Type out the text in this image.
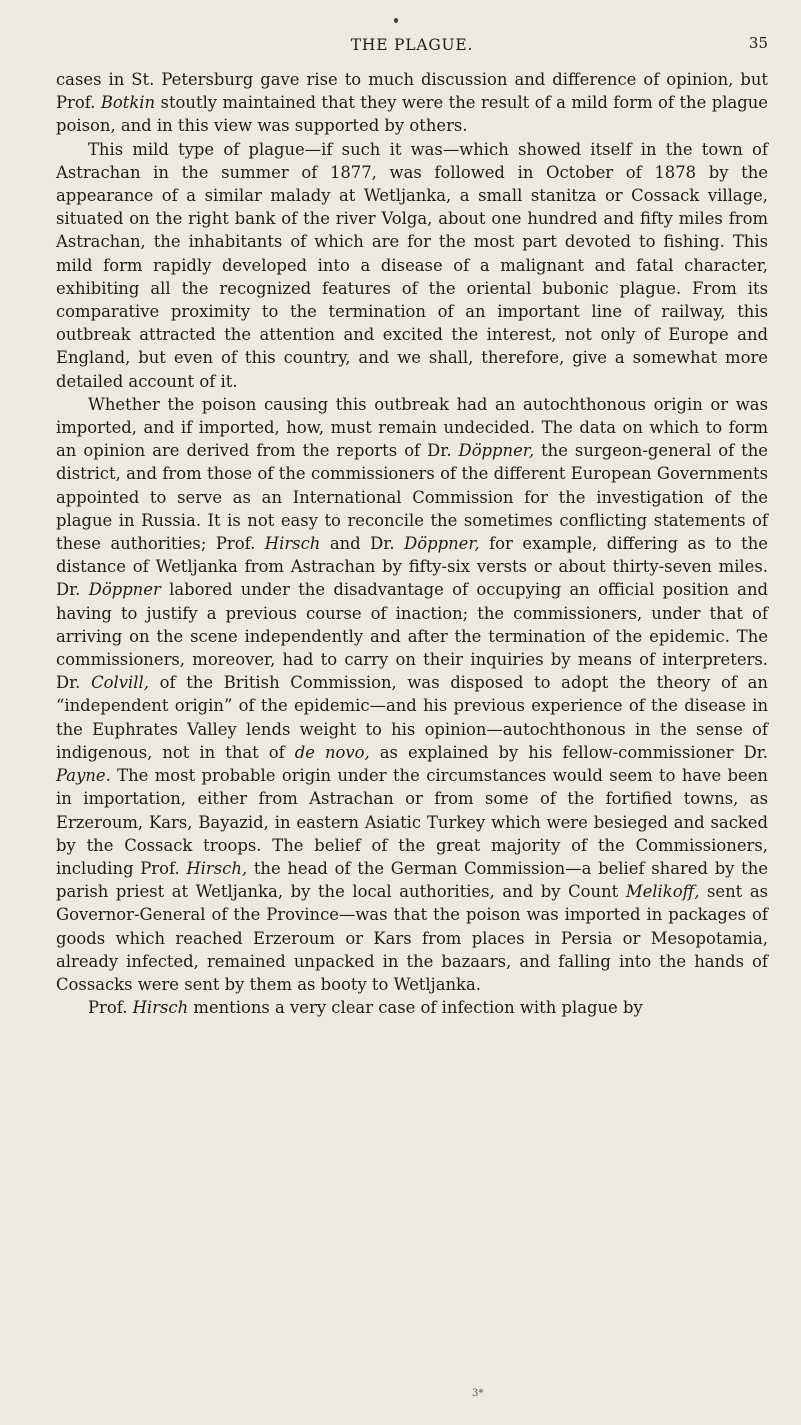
THE PLAGUE.	35

cases in St. Petersburg gave rise to much discussion and difference of opinion, but Prof. Botkin stoutly maintained that they were the result of a mild form of the plague poison, and in this view was supported by others.

This mild type of plague—if such it was—which showed itself in the town of Astrachan in the summer of 1877, was followed in October of 1878 by the appearance of a similar malady at Wetljanka, a small stanitza or Cossack village, situated on the right bank of the river Volga, about one hundred and fifty miles from Astrachan, the inhabitants of which are for the most part devoted to fishing. This mild form rapidly developed into a disease of a malignant and fatal character, exhibiting all the recognized features of the oriental bubonic plague. From its comparative proximity to the termination of an important line of railway, this outbreak attracted the attention and excited the interest, not only of Europe and England, but even of this country, and we shall, therefore, give a somewhat more detailed account of it.

Whether the poison causing this outbreak had an autochthonous origin or was imported, and if imported, how, must remain undecided. The data on which to form an opinion are derived from the reports of Dr. Döppner, the surgeon-general of the district, and from those of the commissioners of the different European Governments appointed to serve as an International Commission for the investigation of the plague in Russia. It is not easy to reconcile the sometimes conflicting statements of these authorities; Prof. Hirsch and Dr. Döppner, for example, differing as to the distance of Wetljanka from Astrachan by fifty-six versts or about thirty-seven miles. Dr. Döppner labored under the disadvantage of occupying an official position and having to justify a previous course of inaction; the commissioners, under that of arriving on the scene independently and after the termination of the epidemic. The commissioners, moreover, had to carry on their inquiries by means of interpreters. Dr. Colvill, of the British Commission, was disposed to adopt the theory of an “independent origin” of the epidemic—and his previous experience of the disease in the Euphrates Valley lends weight to his opinion—autochthonous in the sense of indigenous, not in that of de novo, as explained by his fellow-commissioner Dr. Payne. The most probable origin under the circumstances would seem to have been in importation, either from Astrachan or from some of the fortified towns, as Erzeroum, Kars, Bayazid, in eastern Asiatic Turkey which were besieged and sacked by the Cossack troops. The belief of the great majority of the Commissioners, including Prof. Hirsch, the head of the German Commission—a belief shared by the parish priest at Wetljanka, by the local authorities, and by Count Melikoff, sent as Governor-General of the Province—was that the poison was imported in packages of goods which reached Erzeroum or Kars from places in Persia or Mesopotamia, already infected, remained unpacked in the bazaars, and falling into the hands of Cossacks were sent by them as booty to Wetljanka.

Prof. Hirsch mentions a very clear case of infection with plague by

3*
